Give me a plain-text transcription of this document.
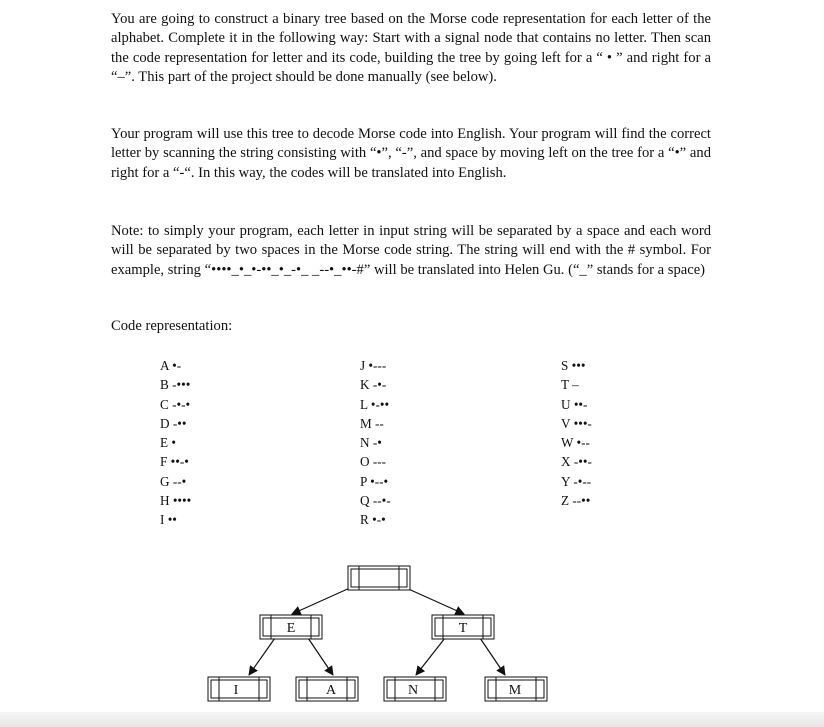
You are going to construct a binary tree based on the Morse code representation for each letter of the alphabet. Complete it in the following way: Start with a signal node that contains no letter. Then scan the code representation for letter and its code, building the tree by going left for a “ • ” and right for a “–”. This part of the project should be done manually (see below).

Your program will use this tree to decode Morse code into English. Your program will find the correct letter by scanning the string consisting with “•”, “-”, and space by moving left on the tree for a “•” and right for a “-“. In this way, the codes will be translated into English.

Note: to simply your program, each letter in input string will be separated by a space and each word will be separated by two spaces in the Morse code string. The string will end with the # symbol. For example, string “••••_•_•-••_•_-•_ _--•_••-#” will be translated into Helen Gu. (“_” stands for a space)

Code representation:

A •-
B -•••
C -•-•
D -••
E •
F ••-•
G --•
H ••••
I ••
J •---
K -•-
L •-••
M --
N -•
O ---
P •--•
Q --•-
R •-•
S •••
T –
U ••-
V •••-
W •--
X -••-
Y -•--
Z --••
E	T
I	A	N	M
